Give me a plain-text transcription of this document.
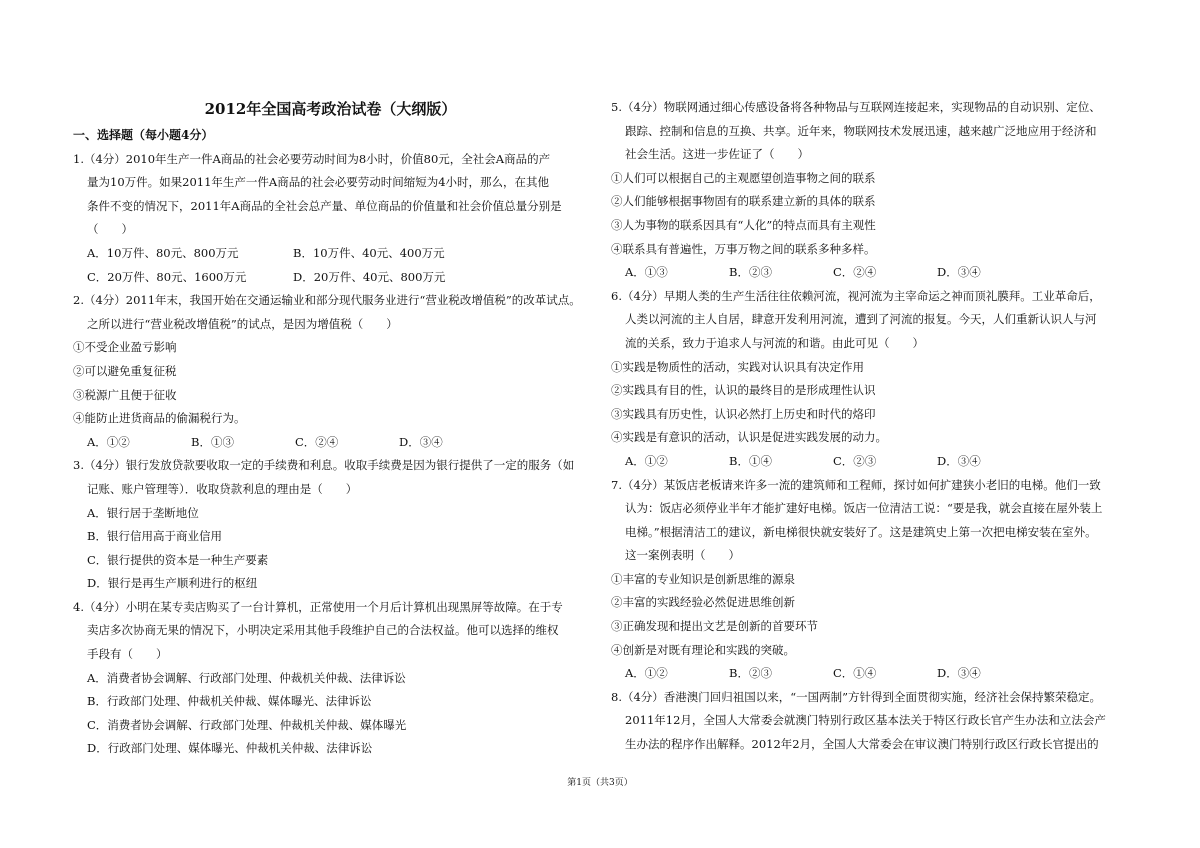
2012年全国高考政治试卷（大纲版）
一、选择题（每小题4分）
1.（4分）2010年生产一件A商品的社会必要劳动时间为8小时，价值80元，全社会A商品的产
量为10万件。如果2011年生产一件A商品的社会必要劳动时间缩短为4小时，那么，在其他
条件不变的情况下，2011年A商品的全社会总产量、单位商品的价值量和社会价值总量分别是
（　　）
A．10万件、80元、800万元	B．10万件、40元、400万元
C．20万件、80元、1600万元	D．20万件、40元、800万元
2.（4分）2011年末，我国开始在交通运输业和部分现代服务业进行“营业税改增值税”的改革试点。
之所以进行“营业税改增值税”的试点，是因为增值税（　　）
①不受企业盈亏影响
②可以避免重复征税
③税源广且便于征收
④能防止进货商品的偷漏税行为。
A．①②	B．①③	C．②④	D．③④
3.（4分）银行发放贷款要收取一定的手续费和利息。收取手续费是因为银行提供了一定的服务（如
记账、账户管理等）．收取贷款利息的理由是（　　）
A．银行居于垄断地位
B．银行信用高于商业信用
C．银行提供的资本是一种生产要素
D．银行是再生产顺利进行的枢纽
4.（4分）小明在某专卖店购买了一台计算机，正常使用一个月后计算机出现黑屏等故障。在于专
卖店多次协商无果的情况下，小明决定采用其他手段维护自己的合法权益。他可以选择的维权
手段有（　　）
A．消费者协会调解、行政部门处理、仲裁机关仲裁、法律诉讼
B．行政部门处理、仲裁机关仲裁、媒体曝光、法律诉讼
C．消费者协会调解、行政部门处理、仲裁机关仲裁、媒体曝光
D．行政部门处理、媒体曝光、仲裁机关仲裁、法律诉讼
5.（4分）物联网通过细心传感设备将各种物品与互联网连接起来，实现物品的自动识别、定位、
跟踪、控制和信息的互换、共享。近年来，物联网技术发展迅速，越来越广泛地应用于经济和
社会生活。这进一步佐证了（　　）
①人们可以根据自己的主观愿望创造事物之间的联系
②人们能够根据事物固有的联系建立新的具体的联系
③人为事物的联系因具有“人化”的特点而具有主观性
④联系具有普遍性，万事万物之间的联系多种多样。
A．①③	B．②③	C．②④	D．③④
6.（4分）早期人类的生产生活往往依赖河流，视河流为主宰命运之神而顶礼膜拜。工业革命后，
人类以河流的主人自居，肆意开发利用河流，遭到了河流的报复。今天，人们重新认识人与河
流的关系，致力于追求人与河流的和谐。由此可见（　　）
①实践是物质性的活动，实践对认识具有决定作用
②实践具有目的性，认识的最终目的是形成理性认识
③实践具有历史性，认识必然打上历史和时代的烙印
④实践是有意识的活动，认识是促进实践发展的动力。
A．①②	B．①④	C．②③	D．③④
7.（4分）某饭店老板请来许多一流的建筑师和工程师，探讨如何扩建狭小老旧的电梯。他们一致
认为：饭店必须停业半年才能扩建好电梯。饭店一位清洁工说：“要是我，就会直接在屋外装上
电梯。”根据清洁工的建议，新电梯很快就安装好了。这是建筑史上第一次把电梯安装在室外。
这一案例表明（　　）
①丰富的专业知识是创新思维的源泉
②丰富的实践经验必然促进思维创新
③正确发现和提出文艺是创新的首要环节
④创新是对既有理论和实践的突破。
A．①②	B．②③	C．①④	D．③④
8.（4分）香港澳门回归祖国以来，“一国两制”方针得到全面贯彻实施，经济社会保持繁荣稳定。
2011年12月，全国人大常委会就澳门特别行政区基本法关于特区行政长官产生办法和立法会产
生办法的程序作出解释。2012年2月，全国人大常委会在审议澳门特别行政区行政长官提出的
第1页（共3页）
